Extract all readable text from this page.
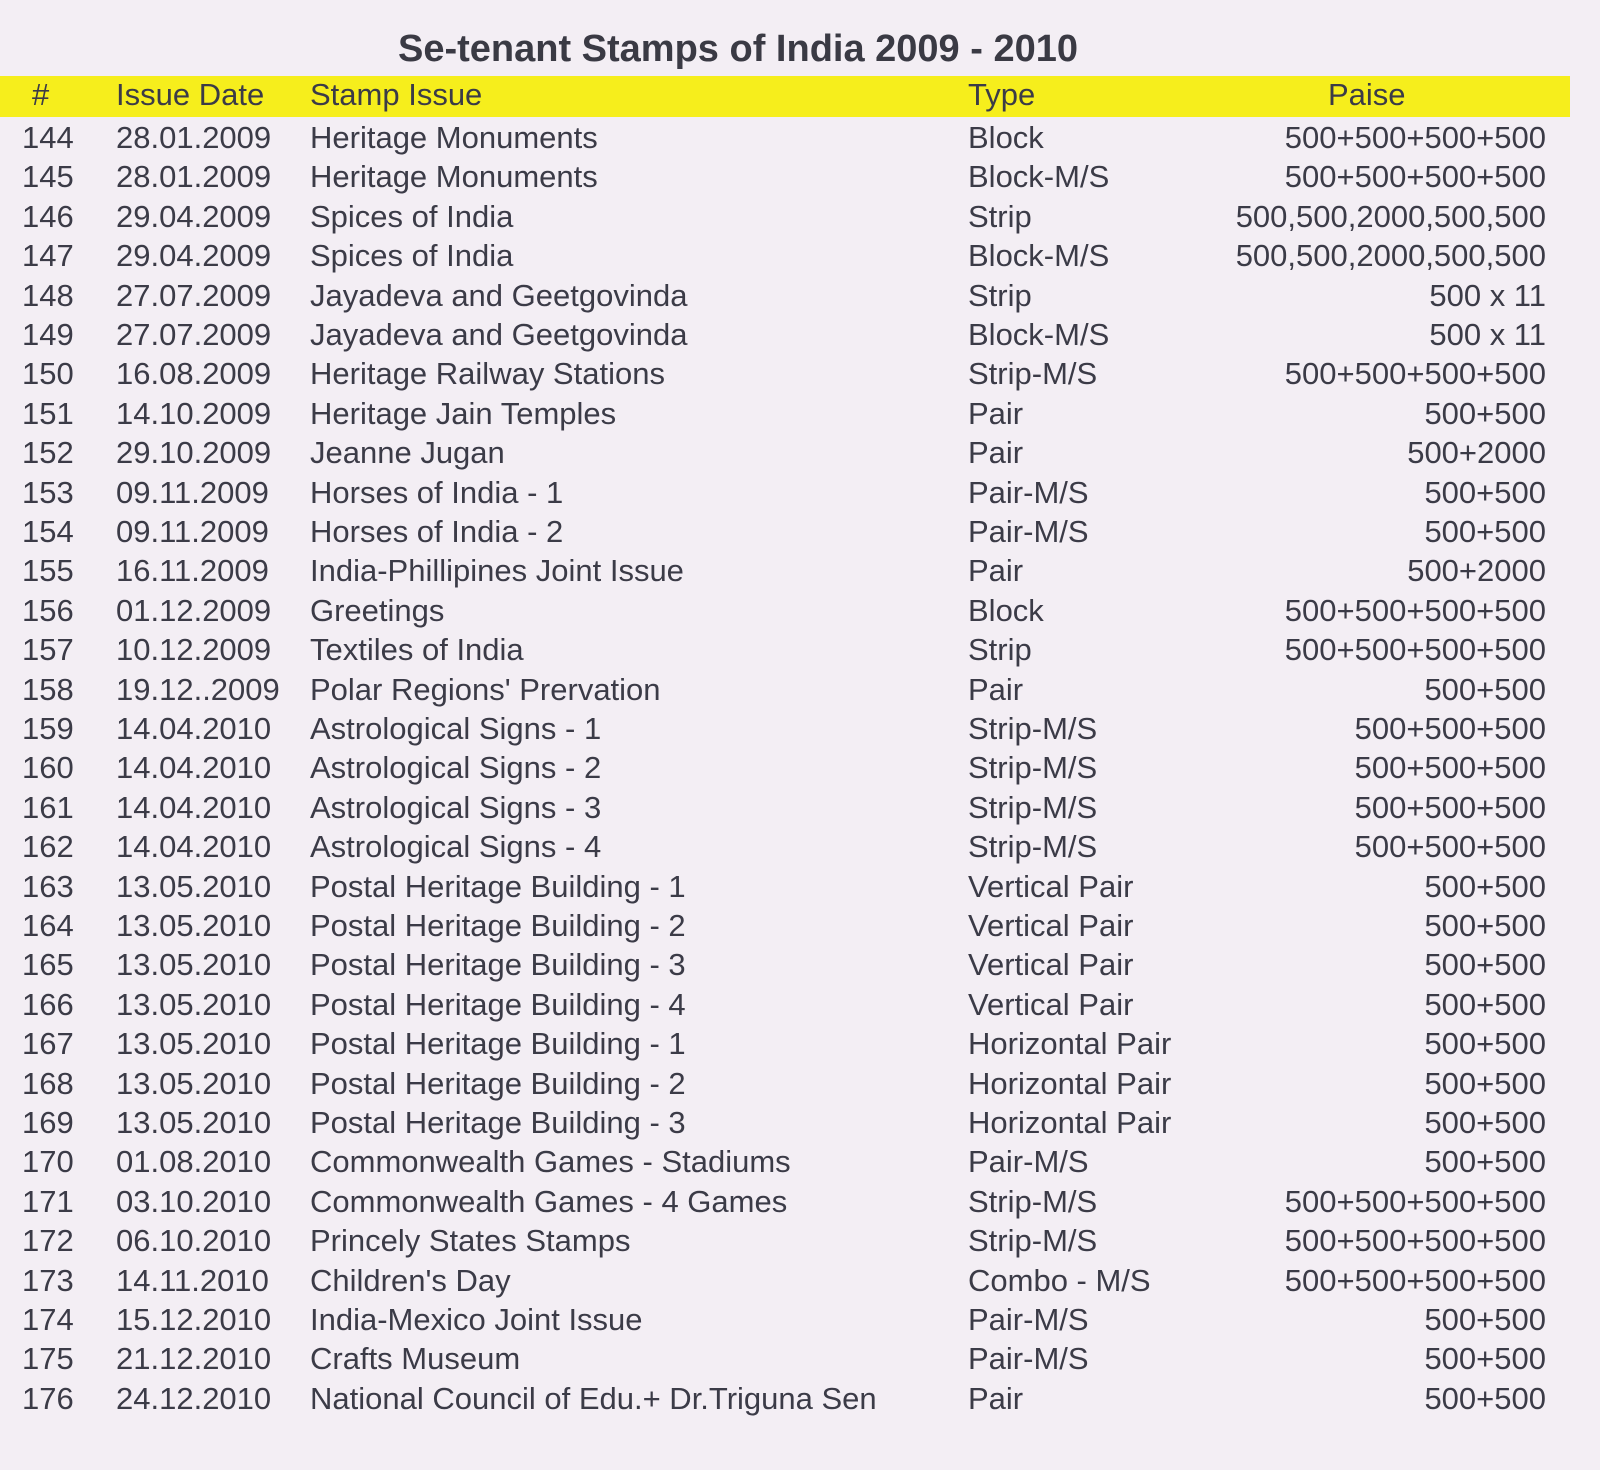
Se-tenant Stamps of India 2009 - 2010
#	Issue Date Stamp Issue	Type	Paise
144 28.01.2009 Heritage Monuments	Block	500+500+500+500
145 28.01.2009 Heritage Monuments	Block-M/S	500+500+500+500
146 29.04.2009 Spices of India	Strip	500,500,2000,500,500
147 29.04.2009 Spices of India	Block-M/S	500,500,2000,500,500
148 27.07.2009 Jayadeva and Geetgovinda	Strip	500 x 11
149 27.07.2009 Jayadeva and Geetgovinda	Block-M/S	500 x 11
150 16.08.2009 Heritage Railway Stations	Strip-M/S	500+500+500+500
151 14.10.2009 Heritage Jain Temples	Pair	500+500
152 29.10.2009 Jeanne Jugan	Pair	500+2000
153 09.11.2009 Horses of India - 1	Pair-M/S	500+500
154 09.11.2009 Horses of India - 2	Pair-M/S	500+500
155 16.11.2009 India-Phillipines Joint Issue	Pair	500+2000
156 01.12.2009 Greetings	Block	500+500+500+500
157 10.12.2009 Textiles of India	Strip	500+500+500+500
158 19.12..2009 Polar Regions' Prervation	Pair	500+500
159 14.04.2010 Astrological Signs - 1	Strip-M/S	500+500+500
160 14.04.2010 Astrological Signs - 2	Strip-M/S	500+500+500
161 14.04.2010 Astrological Signs - 3	Strip-M/S	500+500+500
162 14.04.2010 Astrological Signs - 4	Strip-M/S	500+500+500
163 13.05.2010 Postal Heritage Building - 1	Vertical Pair	500+500
164 13.05.2010 Postal Heritage Building - 2	Vertical Pair	500+500
165 13.05.2010 Postal Heritage Building - 3	Vertical Pair	500+500
166 13.05.2010 Postal Heritage Building - 4	Vertical Pair	500+500
167 13.05.2010 Postal Heritage Building - 1	Horizontal Pair	500+500
168 13.05.2010 Postal Heritage Building - 2	Horizontal Pair	500+500
169 13.05.2010 Postal Heritage Building - 3	Horizontal Pair	500+500
170 01.08.2010 Commonwealth Games - Stadiums	Pair-M/S	500+500
171 03.10.2010 Commonwealth Games - 4 Games	Strip-M/S	500+500+500+500
172 06.10.2010 Princely States Stamps	Strip-M/S	500+500+500+500
173 14.11.2010 Children's Day	Combo - M/S	500+500+500+500
174 15.12.2010 India-Mexico Joint Issue	Pair-M/S	500+500
175 21.12.2010 Crafts Museum	Pair-M/S	500+500
176 24.12.2010 National Council of Edu.+ Dr.Triguna Sen	Pair	500+500
